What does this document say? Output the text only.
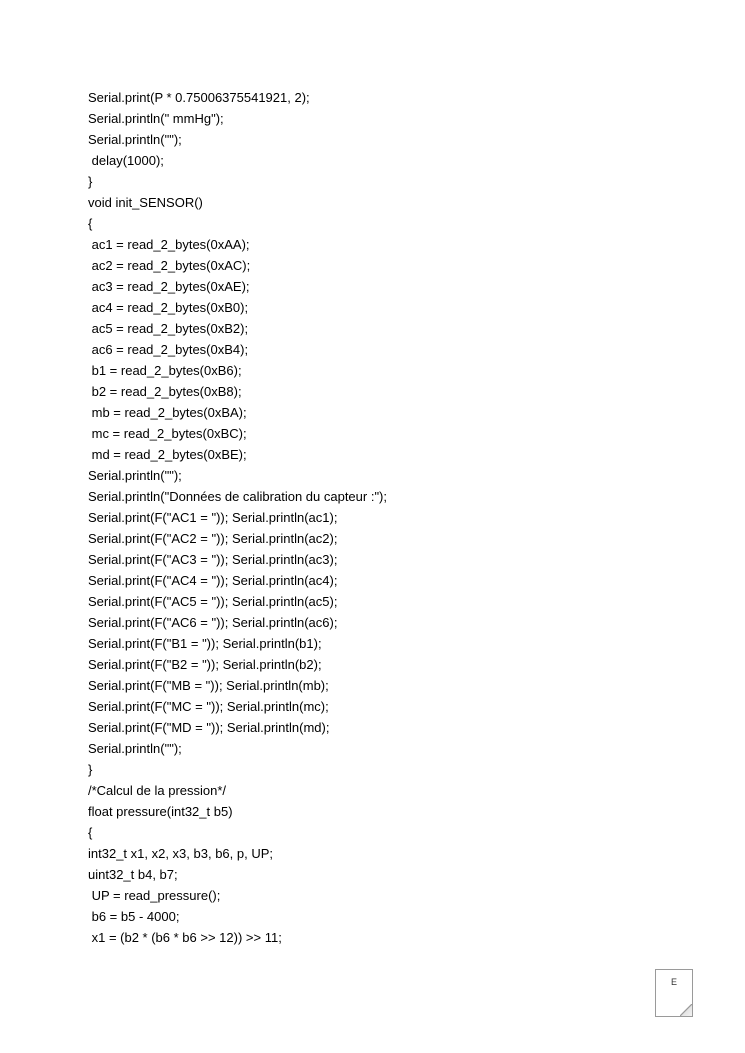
Serial.print(P * 0.75006375541921, 2);
Serial.println(" mmHg");
Serial.println("");
delay(1000);
}
void init_SENSOR()
{
ac1 = read_2_bytes(0xAA);
ac2 = read_2_bytes(0xAC);
ac3 = read_2_bytes(0xAE);
ac4 = read_2_bytes(0xB0);
ac5 = read_2_bytes(0xB2);
ac6 = read_2_bytes(0xB4);
b1 = read_2_bytes(0xB6);
b2 = read_2_bytes(0xB8);
mb = read_2_bytes(0xBA);
mc = read_2_bytes(0xBC);
md = read_2_bytes(0xBE);
Serial.println("");
Serial.println("Données de calibration du capteur :");
Serial.print(F("AC1 = ")); Serial.println(ac1);
Serial.print(F("AC2 = ")); Serial.println(ac2);
Serial.print(F("AC3 = ")); Serial.println(ac3);
Serial.print(F("AC4 = ")); Serial.println(ac4);
Serial.print(F("AC5 = ")); Serial.println(ac5);
Serial.print(F("AC6 = ")); Serial.println(ac6);
Serial.print(F("B1 = ")); Serial.println(b1);
Serial.print(F("B2 = ")); Serial.println(b2);
Serial.print(F("MB = ")); Serial.println(mb);
Serial.print(F("MC = ")); Serial.println(mc);
Serial.print(F("MD = ")); Serial.println(md);
Serial.println("");
}
/*Calcul de la pression*/
float pressure(int32_t b5)
{
int32_t x1, x2, x3, b3, b6, p, UP;
uint32_t b4, b7;
UP = read_pressure();
b6 = b5 - 4000;
x1 = (b2 * (b6 * b6 >> 12)) >> 11;
E
